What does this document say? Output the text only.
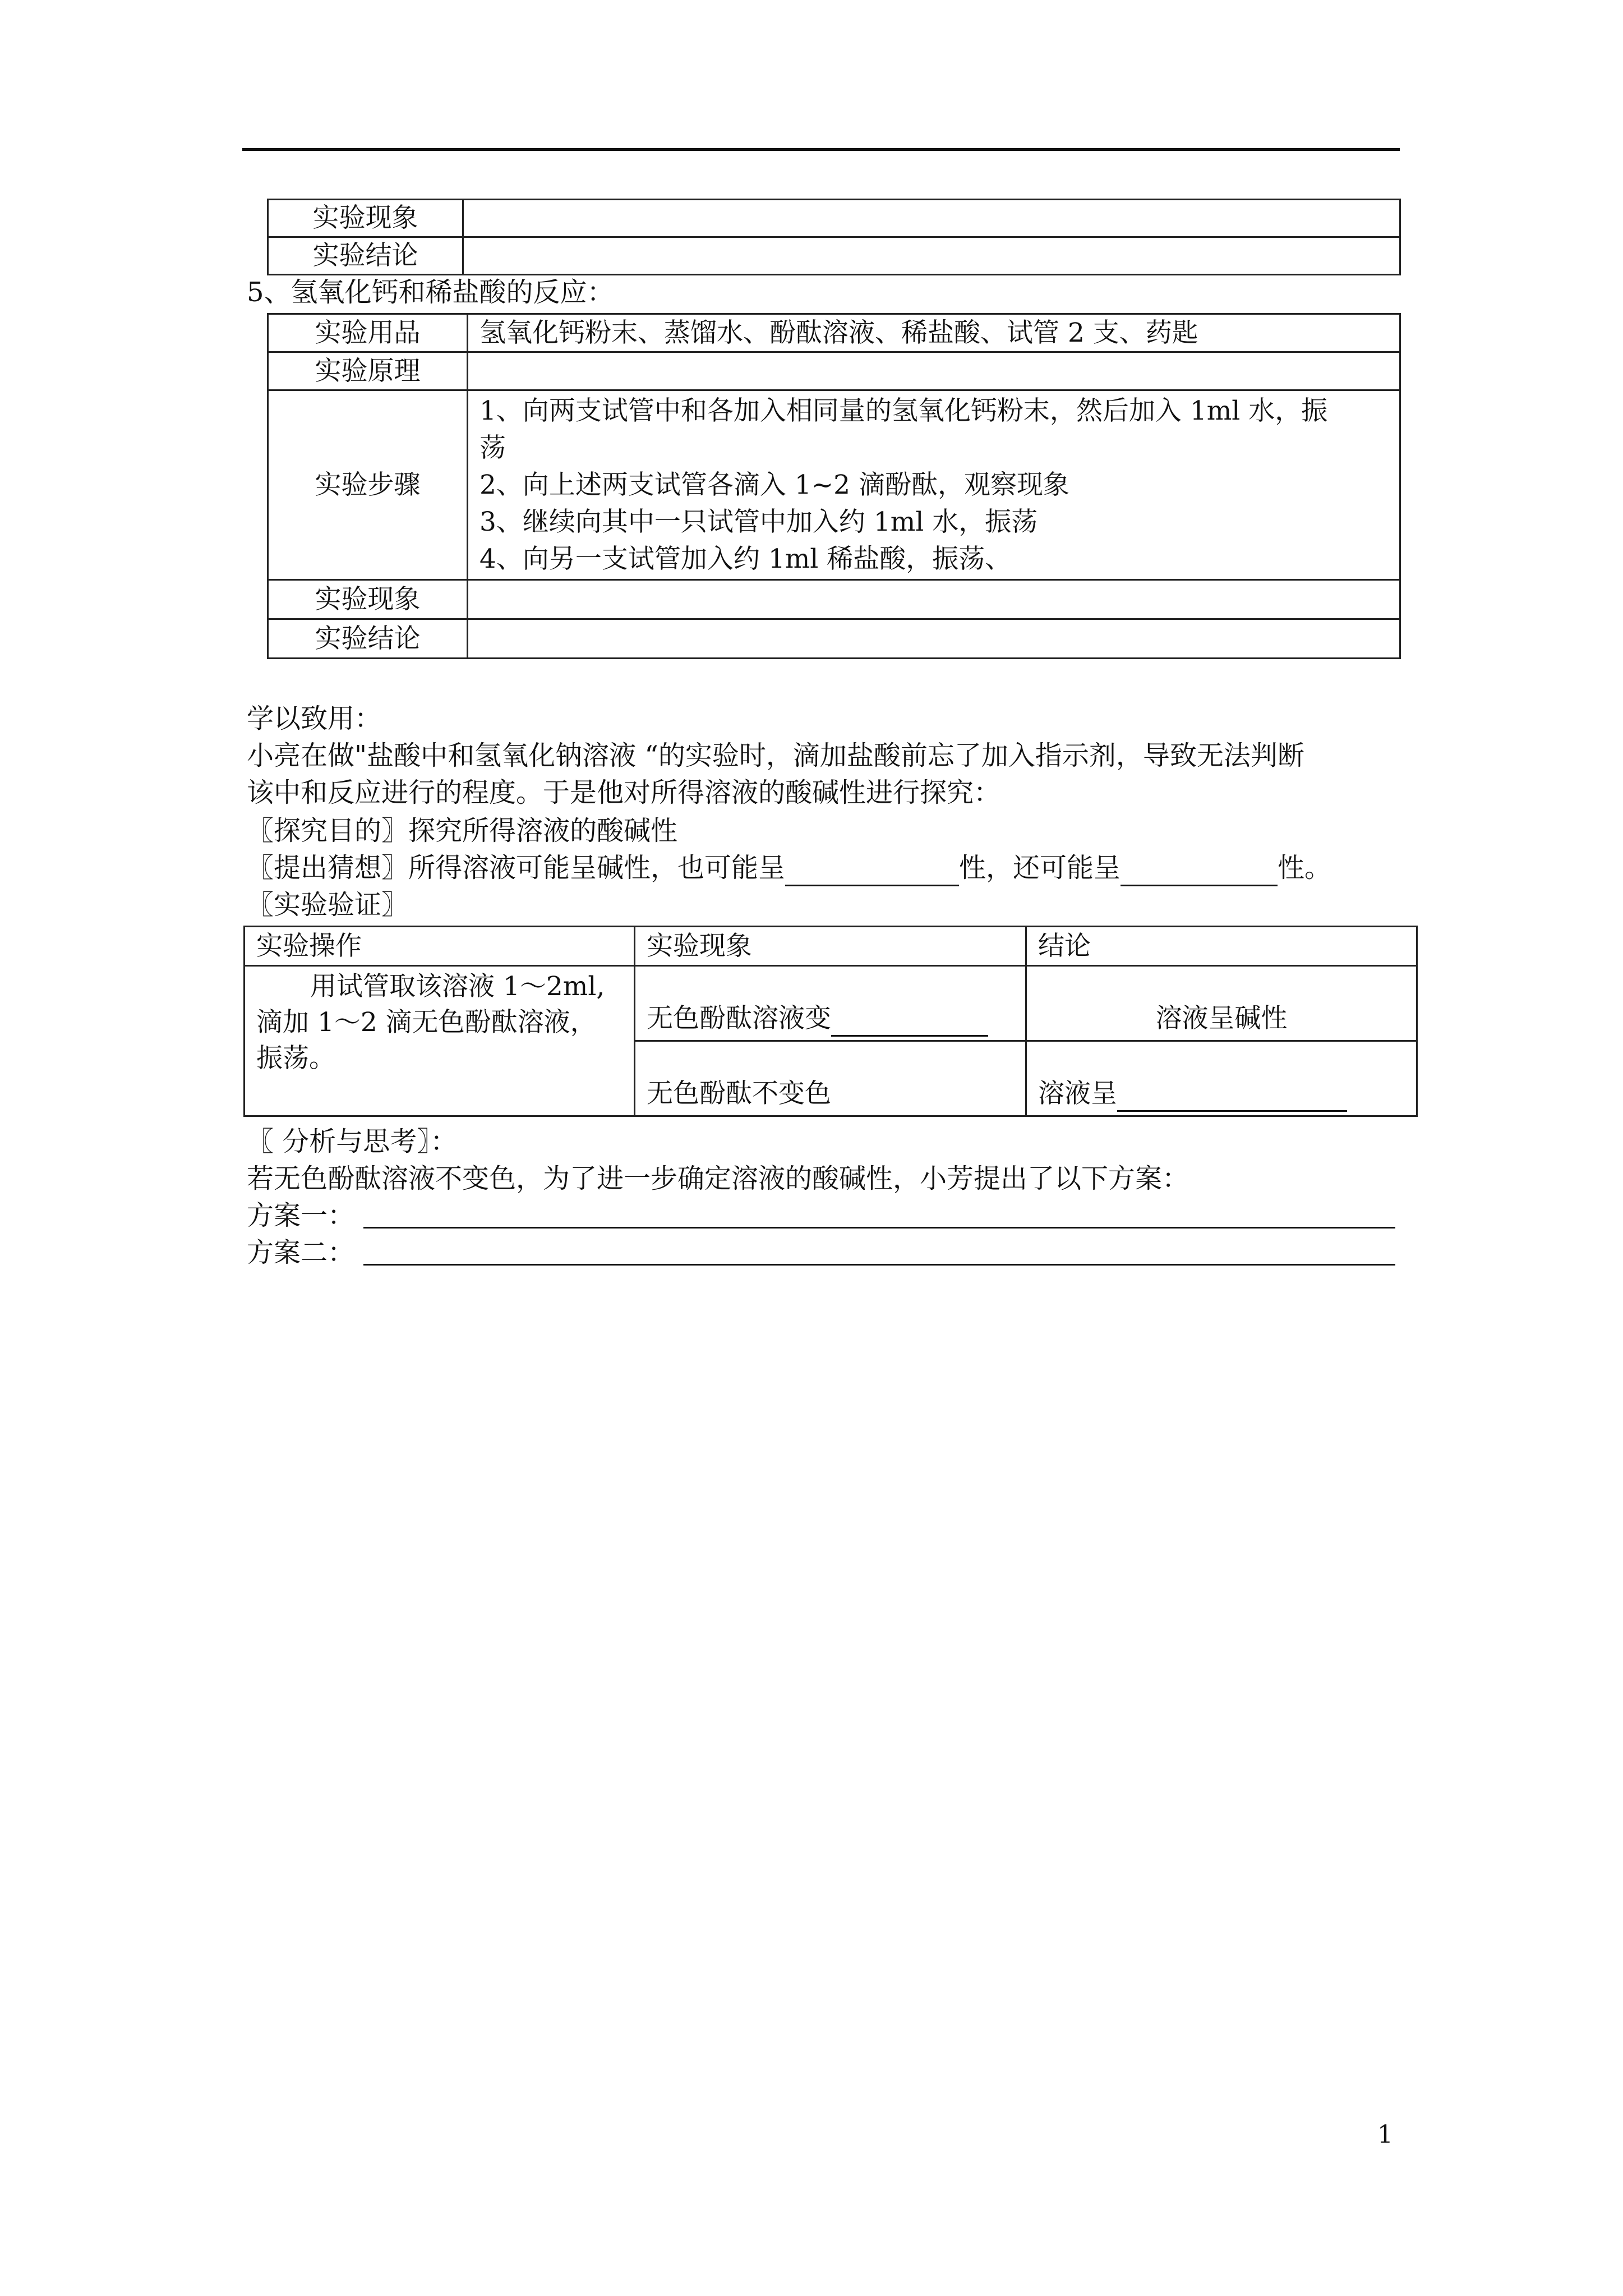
实验现象	
实验结论	
5、氢氧化钙和稀盐酸的反应：
实验用品	氢氧化钙粉末、蒸馏水、酚酞溶液、稀盐酸、试管 2 支、药匙
实验原理	
实验步骤	1、向两支试管中和各加入相同量的氢氧化钙粉末，然后加入 1ml 水，振
荡
2、向上述两支试管各滴入 1~2 滴酚酞，观察现象
3、继续向其中一只试管中加入约 1ml 水，振荡
4、向另一支试管加入约 1ml 稀盐酸，振荡、

实验现象	
实验结论	
学以致用：
小亮在做"盐酸中和氢氧化钠溶液 “的实验时，滴加盐酸前忘了加入指示剂，导致无法判断
该中和反应进行的程度。于是他对所得溶液的酸碱性进行探究：
〖探究目的〗探究所得溶液的酸碱性
〖提出猜想〗所得溶液可能呈碱性，也可能呈	性，还可能呈	性。
〖实验验证〗
实验操作	实验现象	结论

用试管取该溶液 1～2ml,
滴加 1～2 滴无色酚酞溶液，
振荡。	无色酚酞溶液变	溶液呈碱性
	无色酚酞不变色	溶液呈
〖 分析与思考〗：
若无色酚酞溶液不变色，为了进一步确定溶液的酸碱性，小芳提出了以下方案：
方案一：
方案二：
1
